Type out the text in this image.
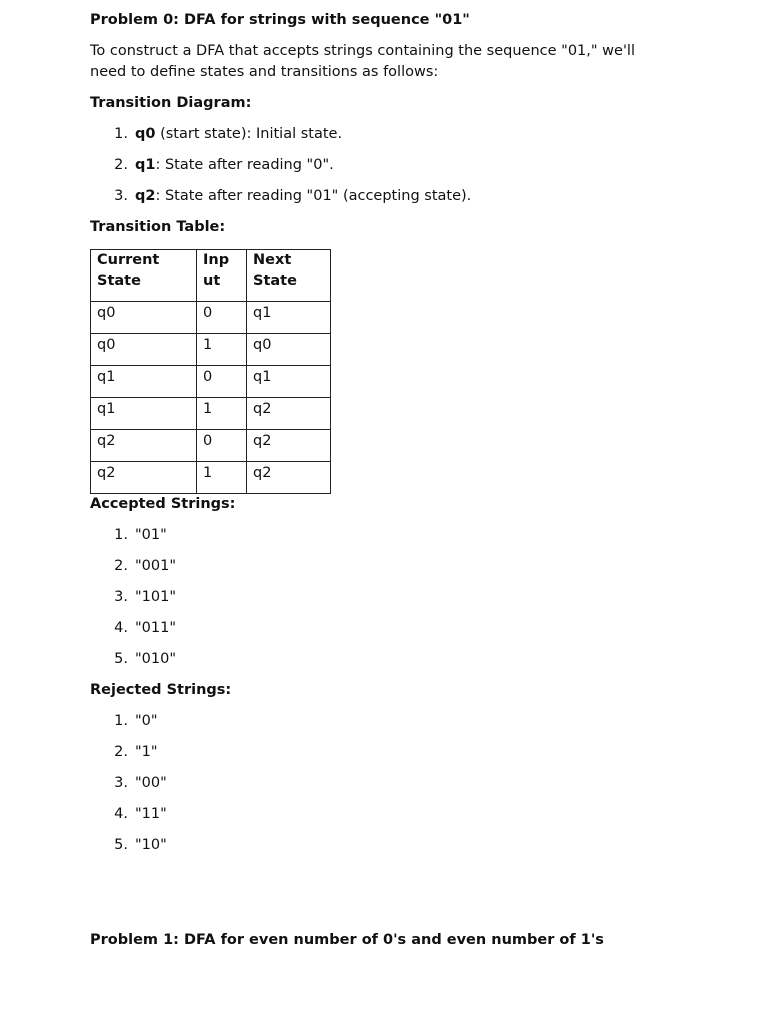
Problem 0: DFA for strings with sequence "01"

To construct a DFA that accepts strings containing the sequence "01," we'll need to define states and transitions as follows:

Transition Diagram:

1. q0 (start state): Initial state.
2. q1: State after reading "0".
3. q2: State after reading "01" (accepting state).

Transition Table:

Current State	Inp ut	Next State
q0	0	q1
q0	1	q0
q1	0	q1
q1	1	q2
q2	0	q2
q2	1	q2

Accepted Strings:

1. "01"
2. "001"
3. "101"
4. "011"
5. "010"

Rejected Strings:

1. "0"
2. "1"
3. "00"
4. "11"
5. "10"

Problem 1: DFA for even number of 0's and even number of 1's
